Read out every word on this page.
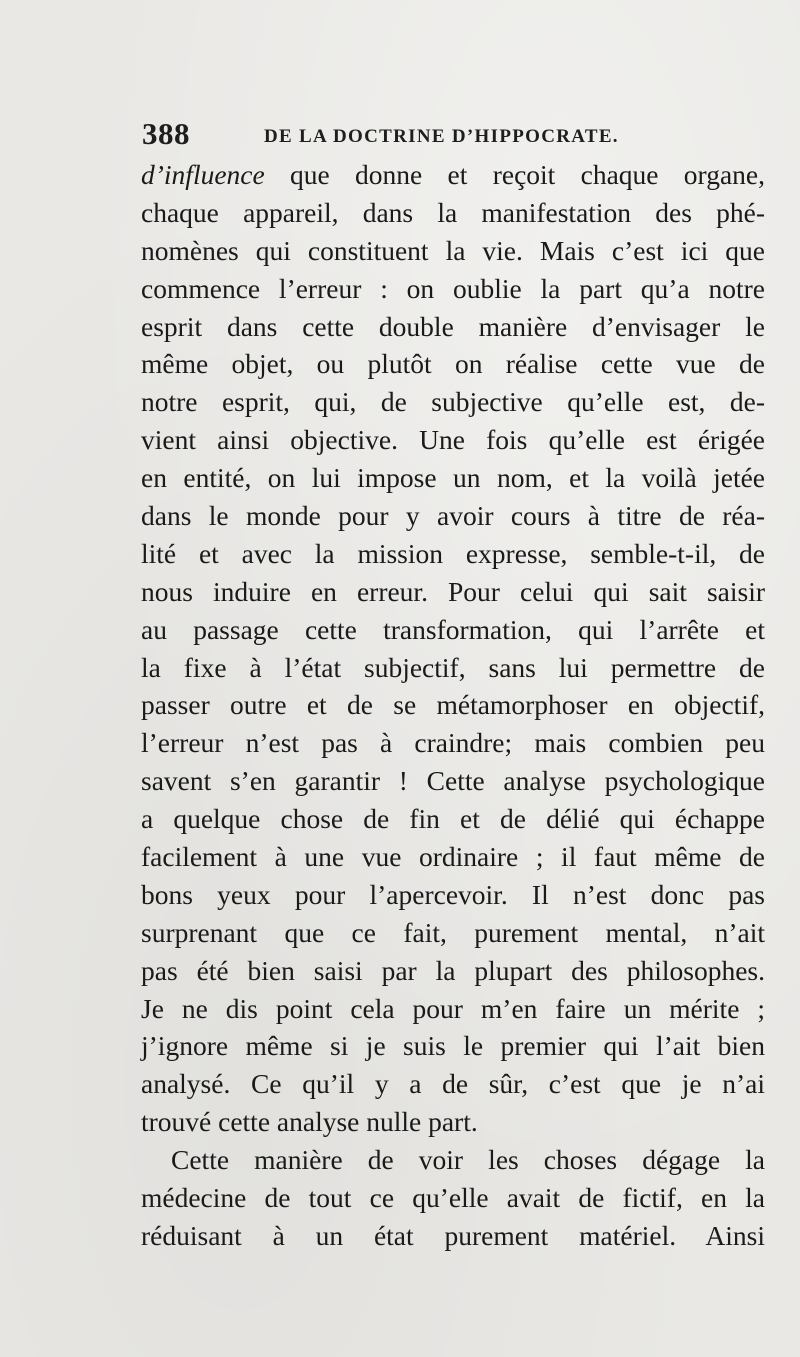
388	DE LA DOCTRINE D’HIPPOCRATE.
d’influence que donne et reçoit chaque organe,
chaque appareil, dans la manifestation des phé-
nomènes qui constituent la vie. Mais c’est ici que
commence l’erreur : on oublie la part qu’a notre
esprit dans cette double manière d’envisager le
même objet, ou plutôt on réalise cette vue de
notre esprit, qui, de subjective qu’elle est, de-
vient ainsi objective. Une fois qu’elle est érigée
en entité, on lui impose un nom, et la voilà jetée
dans le monde pour y avoir cours à titre de réa-
lité et avec la mission expresse, semble-t-il, de
nous induire en erreur. Pour celui qui sait saisir
au passage cette transformation, qui l’arrête et
la fixe à l’état subjectif, sans lui permettre de
passer outre et de se métamorphoser en objectif,
l’erreur n’est pas à craindre; mais combien peu
savent s’en garantir ! Cette analyse psychologique
a quelque chose de fin et de délié qui échappe
facilement à une vue ordinaire ; il faut même de
bons yeux pour l’apercevoir. Il n’est donc pas
surprenant que ce fait, purement mental, n’ait
pas été bien saisi par la plupart des philosophes.
Je ne dis point cela pour m’en faire un mérite ;
j’ignore même si je suis le premier qui l’ait bien
analysé. Ce qu’il y a de sûr, c’est que je n’ai
trouvé cette analyse nulle part.
Cette manière de voir les choses dégage la
médecine de tout ce qu’elle avait de fictif, en la
réduisant à un état purement matériel. Ainsi
